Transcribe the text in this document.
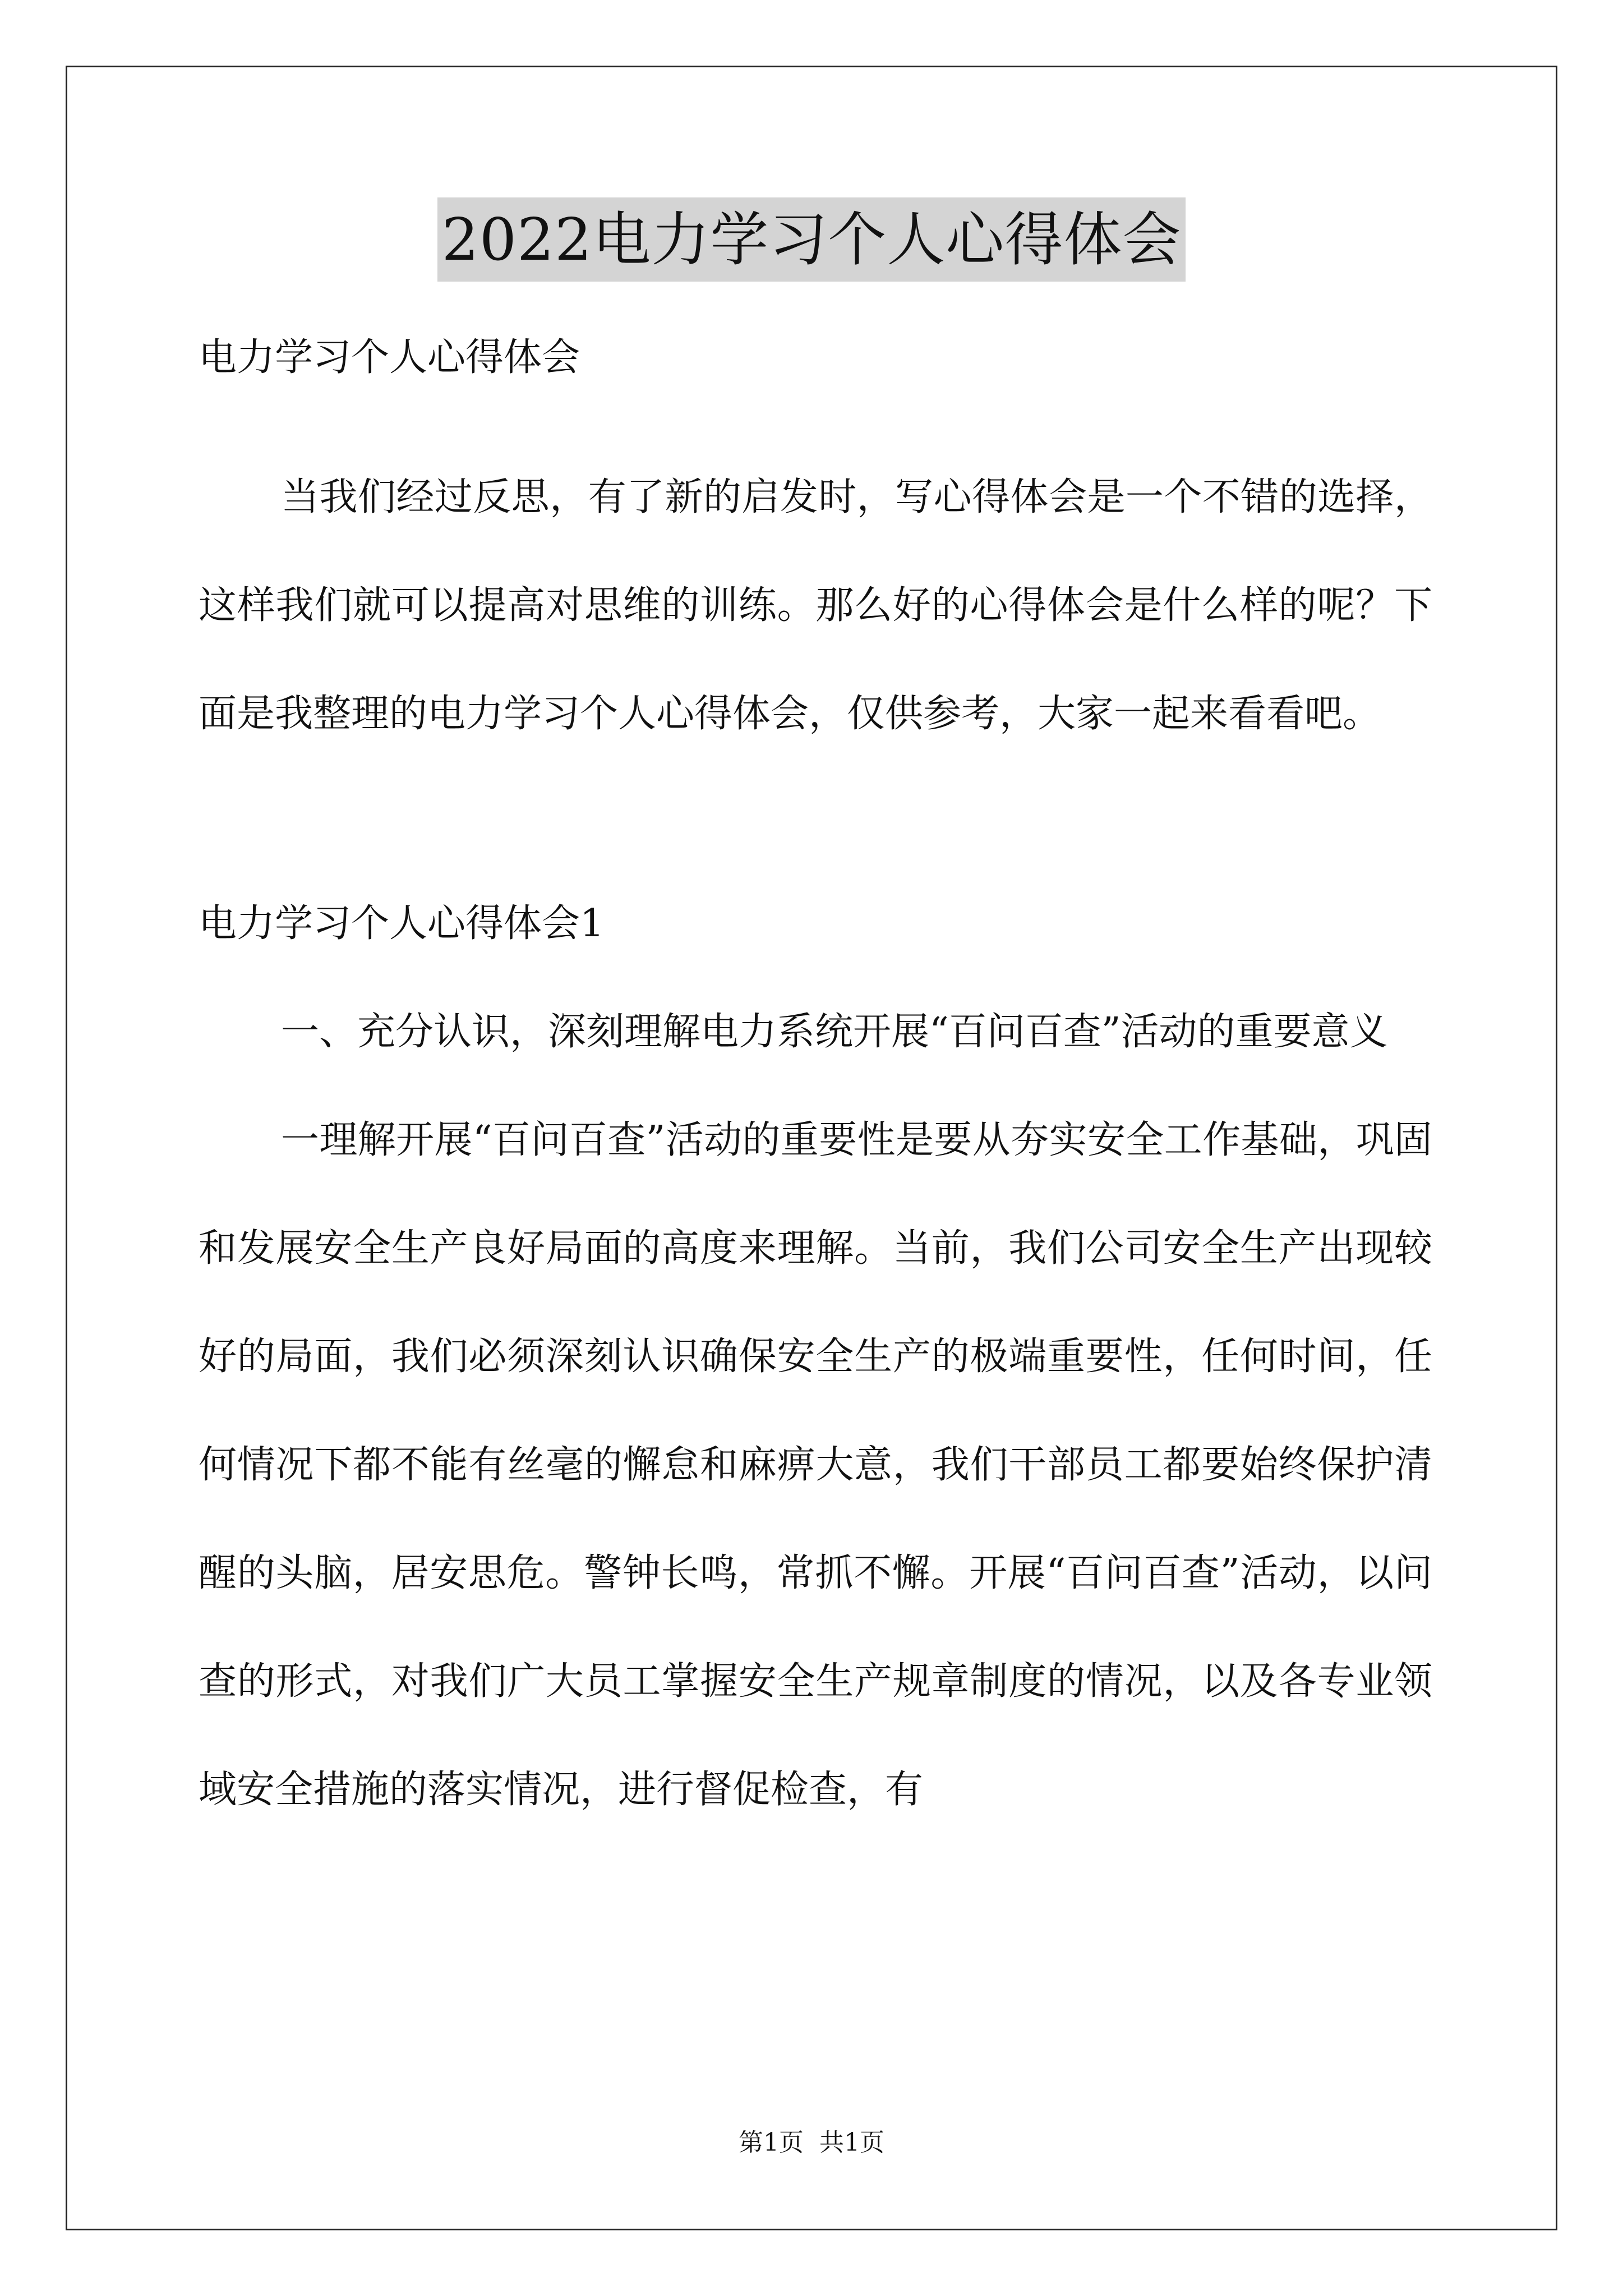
2022电力学习个人心得体会

电力学习个人心得体会

当我们经过反思，有了新的启发时，写心得体会是一个不错的选择，这样我们就可以提高对思维的训练。那么好的心得体会是什么样的呢？下面是我整理的电力学习个人心得体会，仅供参考，大家一起来看看吧。

电力学习个人心得体会1

一、充分认识，深刻理解电力系统开展“百问百查”活动的重要意义

一理解开展“百问百查”活动的重要性是要从夯实安全工作基础，巩固和发展安全生产良好局面的高度来理解。当前，我们公司安全生产出现较好的局面，我们必须深刻认识确保安全生产的极端重要性，任何时间，任何情况下都不能有丝毫的懈怠和麻痹大意，我们干部员工都要始终保护清醒的头脑，居安思危。警钟长鸣，常抓不懈。开展“百问百查”活动，以问查的形式，对我们广大员工掌握安全生产规章制度的情况，以及各专业领域安全措施的落实情况，进行督促检查，有

第1页 共1页
